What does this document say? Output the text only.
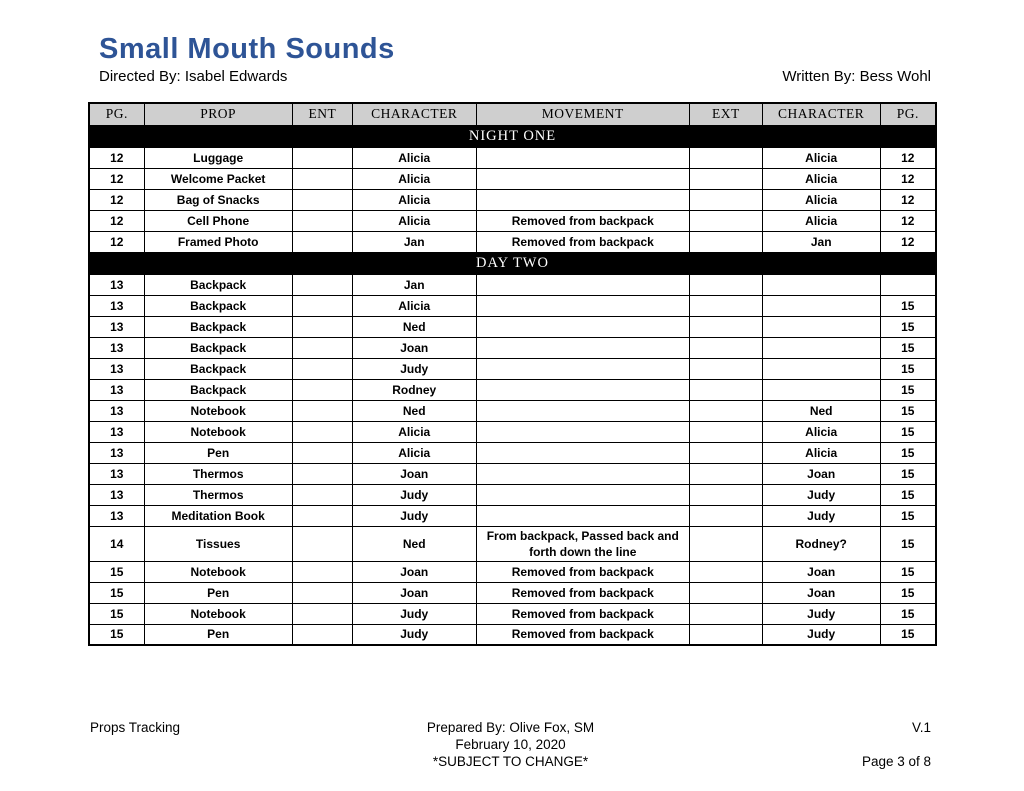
Small Mouth Sounds
Directed By: Isabel Edwards	Written By: Bess Wohl
PG.	PROP	ENT	CHARACTER	MOVEMENT	EXT	CHARACTER	PG.
NIGHT ONE							
12	Luggage		Alicia			Alicia	12
12	Welcome Packet		Alicia			Alicia	12
12	Bag of Snacks		Alicia			Alicia	12
12	Cell Phone		Alicia	Removed from backpack		Alicia	12
12	Framed Photo		Jan	Removed from backpack		Jan	12
DAY TWO							
13	Backpack		Jan				
13	Backpack		Alicia				15
13	Backpack		Ned				15
13	Backpack		Joan				15
13	Backpack		Judy				15
13	Backpack		Rodney				15
13	Notebook		Ned			Ned	15
13	Notebook		Alicia			Alicia	15
13	Pen		Alicia			Alicia	15
13	Thermos		Joan			Joan	15
13	Thermos		Judy			Judy	15
13	Meditation Book		Judy			Judy	15
14	Tissues		Ned	From backpack, Passed back and forth down the line		Rodney?	15
15	Notebook		Joan	Removed from backpack		Joan	15
15	Pen		Joan	Removed from backpack		Joan	15
15	Notebook		Judy	Removed from backpack		Judy	15
15	Pen		Judy	Removed from backpack		Judy	15
Props Tracking	Prepared By: Olive Fox, SM
February 10, 2020
*SUBJECT TO CHANGE*
V.1
Page 3 of 8
